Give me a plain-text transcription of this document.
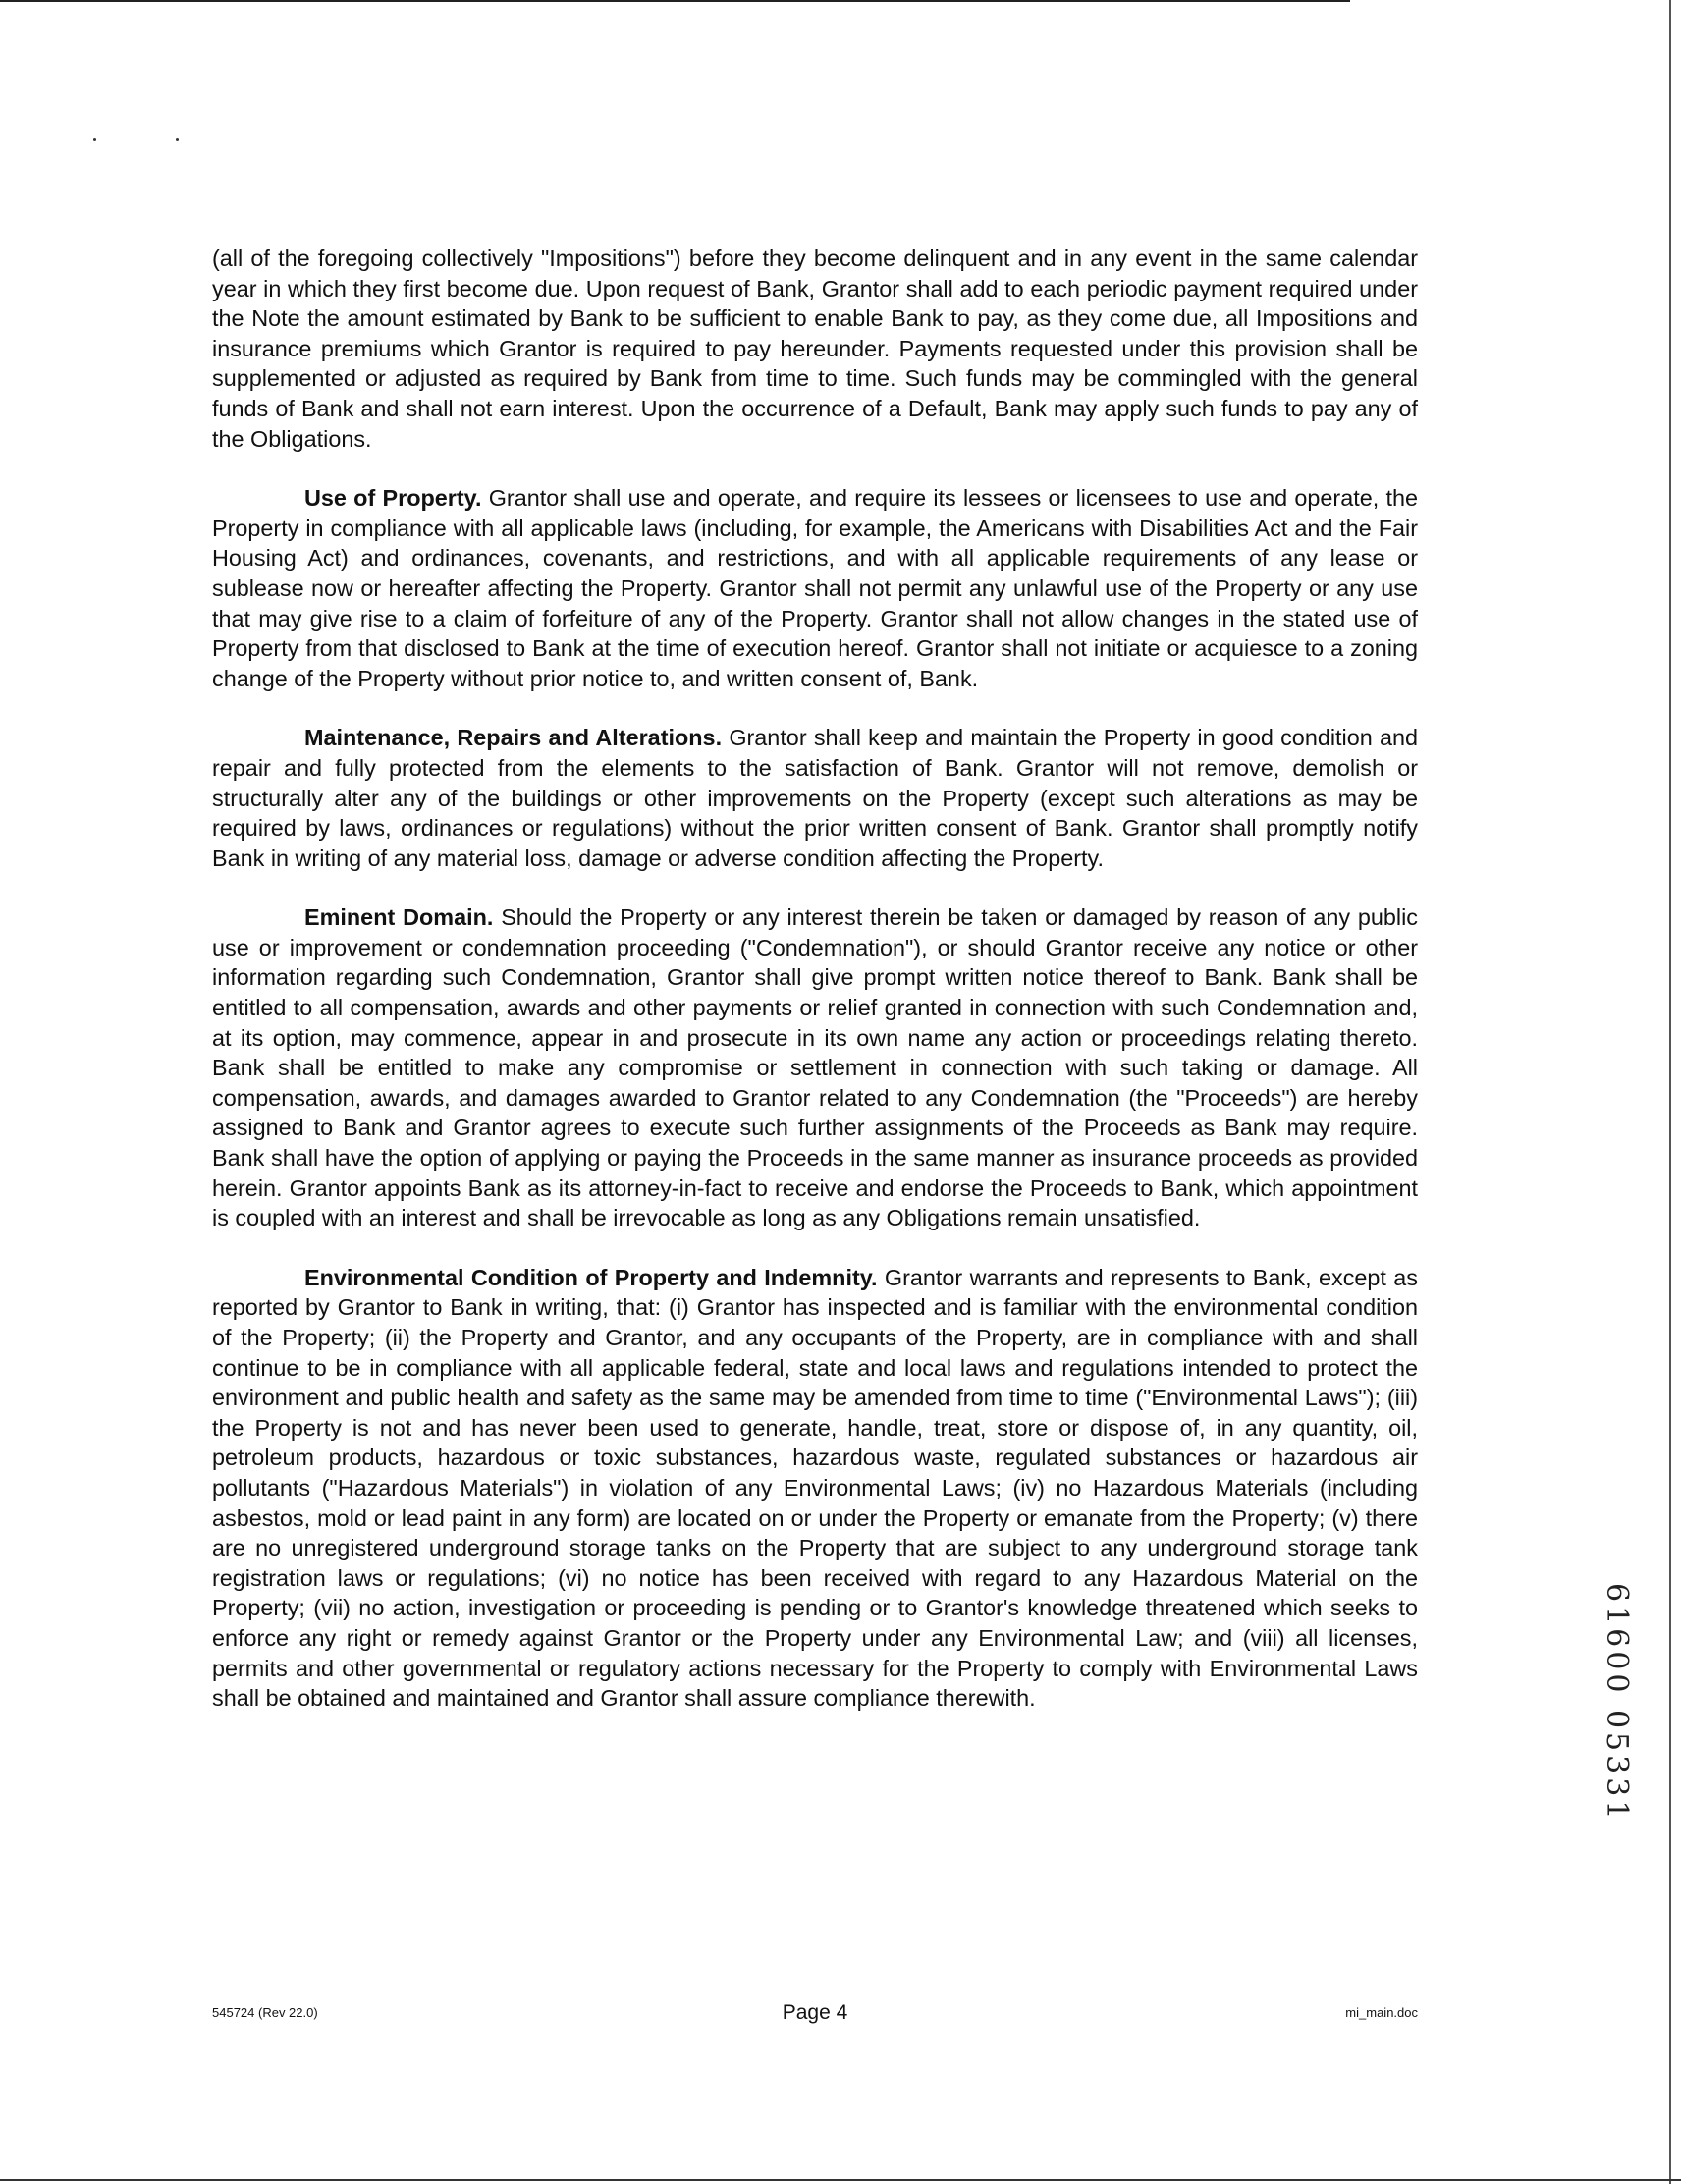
(all of the foregoing collectively "Impositions") before they become delinquent and in any event in the same calendar year in which they first become due. Upon request of Bank, Grantor shall add to each periodic payment required under the Note the amount estimated by Bank to be sufficient to enable Bank to pay, as they come due, all Impositions and insurance premiums which Grantor is required to pay hereunder. Payments requested under this provision shall be supplemented or adjusted as required by Bank from time to time. Such funds may be commingled with the general funds of Bank and shall not earn interest. Upon the occurrence of a Default, Bank may apply such funds to pay any of the Obligations.

Use of Property. Grantor shall use and operate, and require its lessees or licensees to use and operate, the Property in compliance with all applicable laws (including, for example, the Americans with Disabilities Act and the Fair Housing Act) and ordinances, covenants, and restrictions, and with all applicable requirements of any lease or sublease now or hereafter affecting the Property. Grantor shall not permit any unlawful use of the Property or any use that may give rise to a claim of forfeiture of any of the Property. Grantor shall not allow changes in the stated use of Property from that disclosed to Bank at the time of execution hereof. Grantor shall not initiate or acquiesce to a zoning change of the Property without prior notice to, and written consent of, Bank.

Maintenance, Repairs and Alterations. Grantor shall keep and maintain the Property in good condition and repair and fully protected from the elements to the satisfaction of Bank. Grantor will not remove, demolish or structurally alter any of the buildings or other improvements on the Property (except such alterations as may be required by laws, ordinances or regulations) without the prior written consent of Bank. Grantor shall promptly notify Bank in writing of any material loss, damage or adverse condition affecting the Property.

Eminent Domain. Should the Property or any interest therein be taken or damaged by reason of any public use or improvement or condemnation proceeding ("Condemnation"), or should Grantor receive any notice or other information regarding such Condemnation, Grantor shall give prompt written notice thereof to Bank. Bank shall be entitled to all compensation, awards and other payments or relief granted in connection with such Condemnation and, at its option, may commence, appear in and prosecute in its own name any action or proceedings relating thereto. Bank shall be entitled to make any compromise or settlement in connection with such taking or damage. All compensation, awards, and damages awarded to Grantor related to any Condemnation (the "Proceeds") are hereby assigned to Bank and Grantor agrees to execute such further assignments of the Proceeds as Bank may require. Bank shall have the option of applying or paying the Proceeds in the same manner as insurance proceeds as provided herein. Grantor appoints Bank as its attorney-in-fact to receive and endorse the Proceeds to Bank, which appointment is coupled with an interest and shall be irrevocable as long as any Obligations remain unsatisfied.

Environmental Condition of Property and Indemnity. Grantor warrants and represents to Bank, except as reported by Grantor to Bank in writing, that: (i) Grantor has inspected and is familiar with the environmental condition of the Property; (ii) the Property and Grantor, and any occupants of the Property, are in compliance with and shall continue to be in compliance with all applicable federal, state and local laws and regulations intended to protect the environment and public health and safety as the same may be amended from time to time ("Environmental Laws"); (iii) the Property is not and has never been used to generate, handle, treat, store or dispose of, in any quantity, oil, petroleum products, hazardous or toxic substances, hazardous waste, regulated substances or hazardous air pollutants ("Hazardous Materials") in violation of any Environmental Laws; (iv) no Hazardous Materials (including asbestos, mold or lead paint in any form) are located on or under the Property or emanate from the Property; (v) there are no unregistered underground storage tanks on the Property that are subject to any underground storage tank registration laws or regulations; (vi) no notice has been received with regard to any Hazardous Material on the Property; (vii) no action, investigation or proceeding is pending or to Grantor's knowledge threatened which seeks to enforce any right or remedy against Grantor or the Property under any Environmental Law; and (viii) all licenses, permits and other governmental or regulatory actions necessary for the Property to comply with Environmental Laws shall be obtained and maintained and Grantor shall assure compliance therewith.

545724 (Rev 22.0)	Page 4	mi_main.doc
61600 05331
